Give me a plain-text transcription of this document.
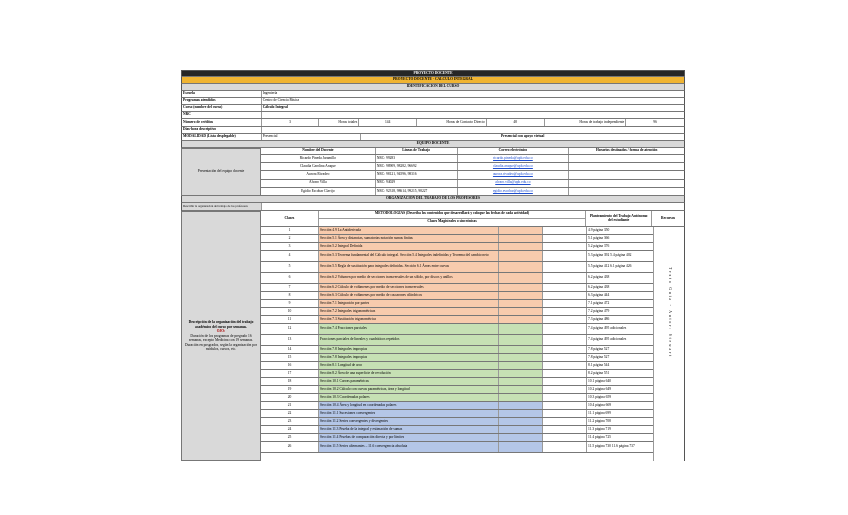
PROYECTO DOCENTE
PROYECTO DOCENTE - CÁLCULO INTEGRAL
IDENTIFICACIÓN DEL CURSO
Escuela	Ingeniería
Programas atendidos	Centro de Ciencia Básica
Curso (nombre del curso)	Cálculo Integral
NRC
Número de créditos	3	Horas totales	144	Horas de Contacto Directo	48	Horas de trabajo independiente	96
Días-hora descriptivo
MODALIDAD (Lista desplegable)	Presencial	Presencial con apoyo virtual
EQUIPO DOCENTE
Presentación del equipo docente
Nombre del Docente	Líneas de Trabajo	Correo electrónico	Horarios destinados / forma de atención
Ricardo Pineda Jaramillo	NRC: 99283	ricardo.pineda@upb.edu.co
Claudia Carolina Araque	NRC: 98909, 98282, 96692	claudia.araque@upb.edu.co
Aurora Rivadeo	NRC: 98121, 94596, 98316	aurora.rivadeo@upb.edu.co
Álvaro Villa	NRC: 94029	alvaro.villa@upb.edu.co
Egidio Escobar Clavijo	NRC: 92318, 98614, 99215, 98227	egidio.escobar@upb.edu.co
ORGANIZACIÓN DEL TRABAJO DE LOS PROFESORES
Describir la organización del trabajo de los profesores
Descripción de la organización del trabajo académico del curso por semanas.
OJO:
Duración de los programas de pregrado 16 semanas, excepto Medicina con 19 semanas.
Duración en posgrados, según la organización por módulos, cursos, etc.
Clases
METODOLOGÍAS (Describa los contenidos que desarrollará y coloque las fechas de cada actividad)
Clases Magistrales o sincrónicas
Planteamiento del Trabajo Autónomo del estudiante	Recursos
1	Sección 4.9 La Antiderivada	4.9 página 350
2	Sección 5.1 Área y distancias, sumatorias notación sumas finitas	5.1 página 366
3	Sección 5.2 Integral Definida	5.2 página 376
4	Sección 5.3 Teorema fundamental del Cálculo integral. Sección 5.4 Integrales indefinidas y Teorema del cambio neto	5.3 página 392 5.4 página 402
5	Sección 5.5 Regla de sustitución para integrales definidas. Sección 6.1 Áreas entre curvas	5.5 página 412 6.1 página 426
6	Sección 6.2 Volumen por medio de secciones transversales de un sólido, por discos y anillos	6.2 página 438
7	Sección 6.2 Cálculo de volúmenes por medio de secciones transversales	6.2 página 438
8	Sección 6.3 Cálculo de volúmenes por medio de cascarones cilíndricos	6.3 página 444
9	Sección 7.1 Integración por partes	7.1 página 472
10	Sección 7.2 Integrales trigonométricas	7.2 página 479
11	Sección 7.3 Sustitución trigonométrica	7.3 página 486
12	Sección 7.4 Fracciones parciales	7.4 página 495 adicionales
13	Fracciones parciales de lineales y cuadráticos repetidos	7.4 página 495 adicionales
14	Sección 7.8 Integrales impropias	7.8 página 527
15	Sección 7.8 Integrales impropias	7.8 página 527
16	Sección 8.1 Longitud de arco	8.1 página 544
17	Sección 8.2 Área de una superficie de revolución	8.2 página 551
18	Sección 10.1 Curvas paramétricas	10.1 página 640
19	Sección 10.2 Cálculo con curvas paramétricas, área y longitud	10.2 página 649
20	Sección 10.3 Coordenadas polares	10.3 página 659
21	Sección 10.4 Área y longitud en coordenadas polares	10.4 página 669
22	Sección 11.1 Sucesiones convergentes	11.1 página 699
23	Sección 11.2 Series convergentes y divergentes	11.2 página 708
24	Sección 11.3 Prueba de la integral y estimación de sumas	11.3 página 719
25	Sección 11.4 Pruebas de comparación directa y por límites	11.4 página 725
26	Sección 11.5 Series alternantes – 11.6 convergencia absoluta	11.5 página 730 11.6 página 737
Texto Guía - Autor: Stewart
